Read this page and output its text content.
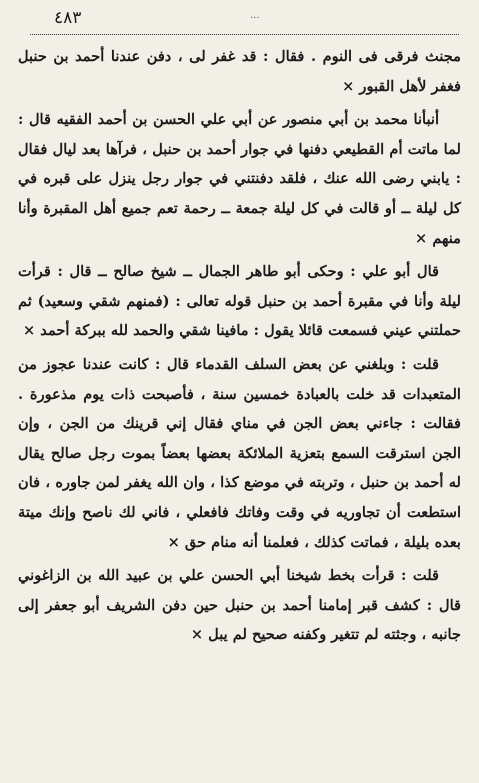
٤٨٣	...

مجنث فرقى فى النوم . فقال : قد غفر لى ، دفن عندنا أحمد بن حنبل فغفر لأهل القبور ×

أنبأنا محمد بن أبي منصور عن أبي علي الحسن بن أحمد الفقيه قال : لما ماتت أم القطيعي دفنها في جوار أحمد بن حنبل ، فرآها بعد ليال فقال : يابني رضى الله عنك ، فلقد دفنتني في جوار رجل ينزل على قبره في كل ليلة ــ أو قالت في كل ليلة جمعة ــ رحمة تعم جميع أهل المقبرة وأنا منهم ×

قال أبو علي : وحكى أبو طاهر الجمال ــ شيخ صالح ــ قال : قرأت ليلة وأنا في مقبرة أحمد بن حنبل قوله تعالى : (فمنهم شقي وسعيد) ثم حملتني عيني فسمعت قائلا يقول : مافينا شقي والحمد لله ببركة أحمد ×

قلت : وبلغني عن بعض السلف القدماء قال : كانت عندنا عجوز من المتعبدات قد خلت بالعبادة خمسين سنة ، فأصبحت ذات يوم مذعورة . فقالت : جاءني بعض الجن في مناي فقال إني قرينك من الجن ، وإن الجن استرقت السمع بتعزية الملائكة بعضها بعضاً بموت رجل صالح يقال له أحمد بن حنبل ، وتربته في موضع كذا ، وان الله يغفر لمن جاوره ، فان استطعت أن تجاوريه في وقت وفاتك فافعلي ، فاني لك ناصح وإنك ميتة بعده بليلة ، فماتت كذلك ، فعلمنا أنه منام حق ×

قلت : قرأت بخط شيخنا أبي الحسن علي بن عبيد الله بن الزاغوني قال : كشف قبر إمامنا أحمد بن حنبل حين دفن الشريف أبو جعفر إلى جانبه ، وجثته لم تتغير وكفنه صحيح لم يبل ×
